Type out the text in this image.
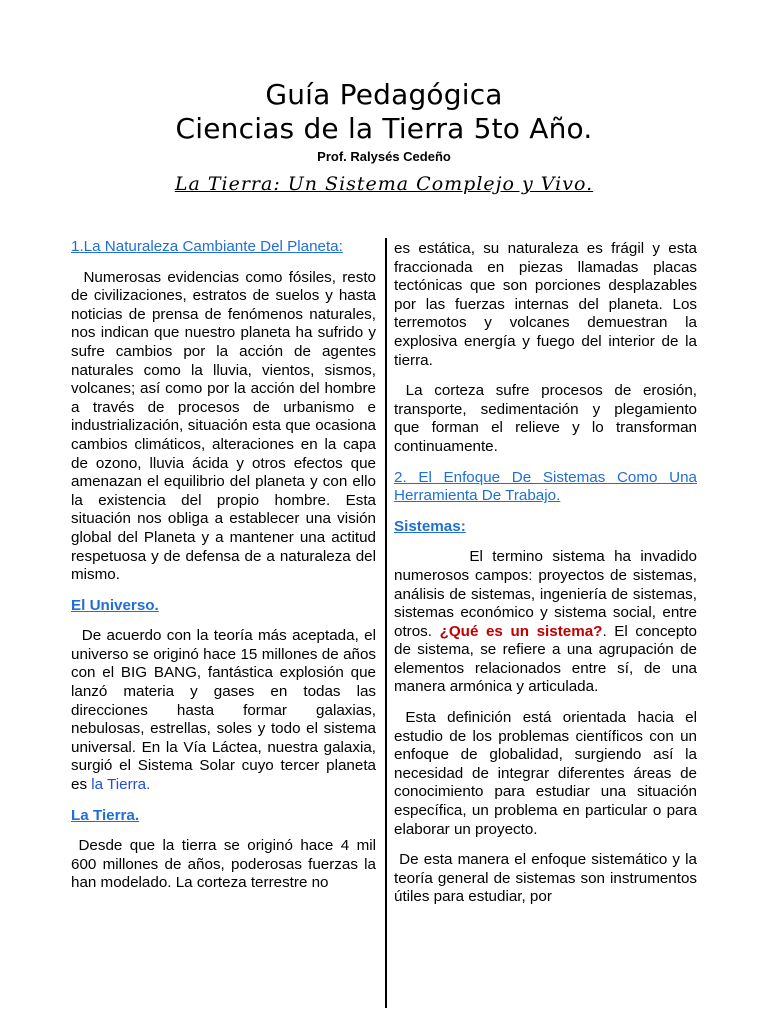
Guía Pedagógica
Ciencias de la Tierra 5to Año.
Prof. Ralysés Cedeño
La Tierra: Un Sistema Complejo y Vivo.

1.La Naturaleza Cambiante Del Planeta:

Numerosas evidencias como fósiles, resto de civilizaciones, estratos de suelos y hasta noticias de prensa de fenómenos naturales, nos indican que nuestro planeta ha sufrido y sufre cambios por la acción de agentes naturales como la lluvia, vientos, sismos, volcanes; así como por la acción del hombre a través de procesos de urbanismo e industrialización, situación esta que ocasiona cambios climáticos, alteraciones en la capa de ozono, lluvia ácida y otros efectos que amenazan el equilibrio del planeta y con ello la existencia del propio hombre. Esta situación nos obliga a establecer una visión global del Planeta y a mantener una actitud respetuosa y de defensa de a naturaleza del mismo.

El Universo.

De acuerdo con la teoría más aceptada, el universo se originó hace 15 millones de años con el BIG BANG, fantástica explosión que lanzó materia y gases en todas las direcciones hasta formar galaxias, nebulosas, estrellas, soles y todo el sistema universal. En la Vía Láctea, nuestra galaxia, surgió el Sistema Solar cuyo tercer planeta es la Tierra.

La Tierra.

Desde que la tierra se originó hace 4 mil 600 millones de años, poderosas fuerzas la han modelado. La corteza terrestre no

es estática, su naturaleza es frágil y esta fraccionada en piezas llamadas placas tectónicas que son porciones desplazables por las fuerzas internas del planeta. Los terremotos y volcanes demuestran la explosiva energía y fuego del interior de la tierra.

La corteza sufre procesos de erosión, transporte, sedimentación y plegamiento que forman el relieve y lo transforman continuamente.

2. El Enfoque De Sistemas Como Una Herramienta De Trabajo.

Sistemas:

El termino sistema ha invadido numerosos campos: proyectos de sistemas, análisis de sistemas, ingeniería de sistemas, sistemas económico y sistema social, entre otros. ¿Qué es un sistema?. El concepto de sistema, se refiere a una agrupación de elementos relacionados entre sí, de una manera armónica y articulada.

Esta definición está orientada hacia el estudio de los problemas científicos con un  enfoque de globalidad, surgiendo así la necesidad de integrar diferentes áreas de conocimiento para estudiar una situación específica, un problema en particular o para elaborar un proyecto.

De esta manera el enfoque sistemático y la teoría general de sistemas son instrumentos útiles para estudiar, por
